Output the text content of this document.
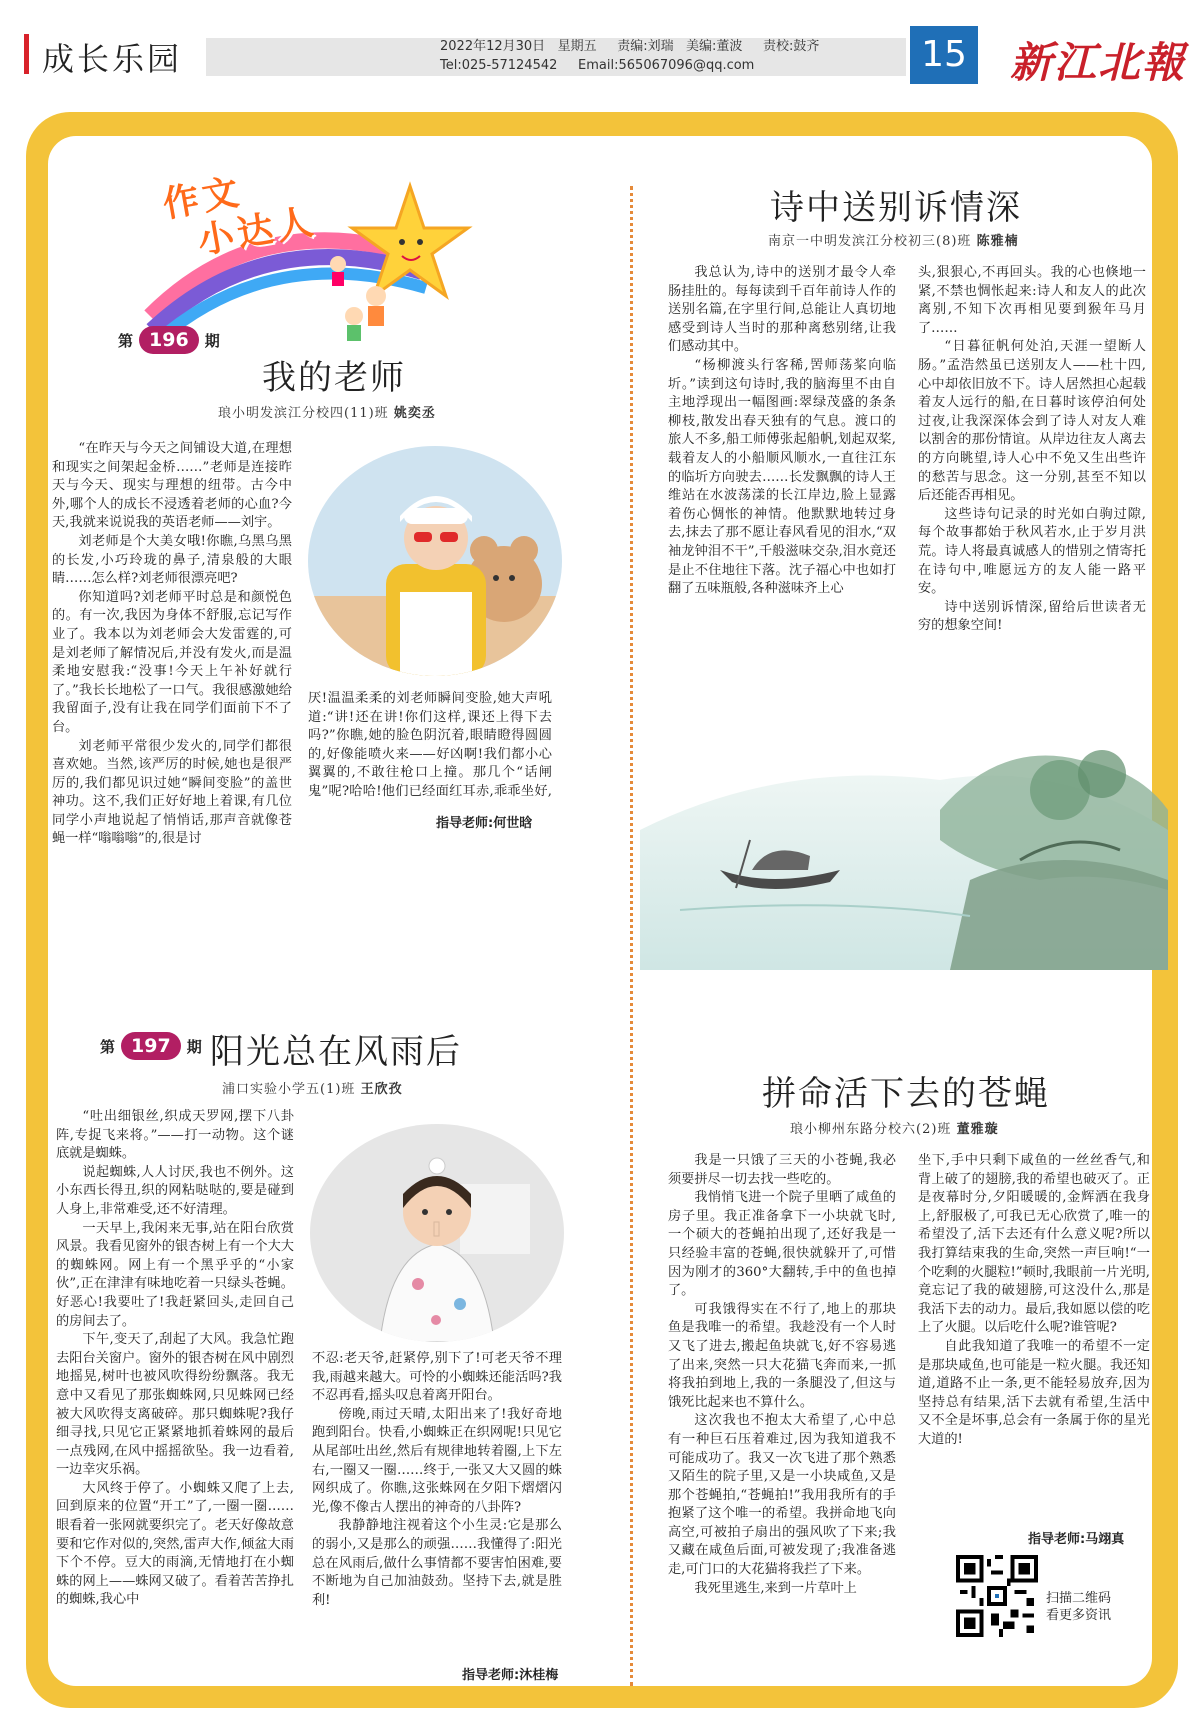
成长乐园	2022年12月30日   星期五     责编:刘瑞   美编:董波     责校:鼓齐
Tel:025-57124542     Email:565067096@qq.com	15 新江北報
作文
小达人
第 196	期
我的老师
琅小明发滨江分校四(11)班 姚奕丞

“在昨天与今天之间铺设大道,在理想和现实之间架起金桥……”老师是连接昨天与今天、现实与理想的纽带。古今中外,哪个人的成长不浸透着老师的心血?今天,我就来说说我的英语老师——刘宇。

刘老师是个大美女哦!你瞧,乌黑乌黑的长发,小巧玲珑的鼻子,清泉般的大眼睛……怎么样?刘老师很漂亮吧?

你知道吗?刘老师平时总是和颜悦色的。有一次,我因为身体不舒服,忘记写作业了。我本以为刘老师会大发雷霆的,可是刘老师了解情况后,并没有发火,而是温柔地安慰我:“没事!今天上午补好就行了。”我长长地松了一口气。我很感激她给我留面子,没有让我在同学们面前下不了台。

刘老师平常很少发火的,同学们都很喜欢她。当然,该严厉的时候,她也是很严厉的,我们都见识过她“瞬间变脸”的盖世神功。这不,我们正好好地上着课,有几位同学小声地说起了悄悄话,那声音就像苍蝇一样“嗡嗡嗡”的,很是讨

厌!温温柔柔的刘老师瞬间变脸,她大声吼道:“讲!还在讲!你们这样,课还上得下去吗?”你瞧,她的脸色阴沉着,眼睛瞪得圆圆的,好像能喷火来——好凶啊!我们都小心翼翼的,不敢往枪口上撞。那几个“话闸鬼”呢?哈哈!他们已经面红耳赤,乖乖坐好,

指导老师:何世晗
第 197	期 阳光总在风雨后
浦口实验小学五(1)班 王欣孜

“吐出细银丝,织成天罗网,摆下八卦阵,专捉飞来将。”——打一动物。这个谜底就是蜘蛛。

说起蜘蛛,人人讨厌,我也不例外。这小东西长得丑,织的网粘哒哒的,要是碰到人身上,非常难受,还不好清理。

一天早上,我闲来无事,站在阳台欣赏风景。我看见窗外的银杏树上有一个大大的蜘蛛网。网上有一个黑乎乎的“小家伙”,正在津津有味地吃着一只绿头苍蝇。好恶心!我要吐了!我赶紧回头,走回自己的房间去了。

下午,变天了,刮起了大风。我急忙跑去阳台关窗户。窗外的银杏树在风中剧烈地摇晃,树叶也被风吹得纷纷飘落。我无意中又看见了那张蜘蛛网,只见蛛网已经被大风吹得支离破碎。那只蜘蛛呢?我仔细寻找,只见它正紧紧地抓着蛛网的最后一点残网,在风中摇摇欲坠。我一边看着,一边幸灾乐祸。

大风终于停了。小蜘蛛又爬了上去,回到原来的位置“开工”了,一圈一圈……眼看着一张网就要织完了。老天好像故意要和它作对似的,突然,雷声大作,倾盆大雨下个不停。豆大的雨滴,无情地打在小蜘蛛的网上——蛛网又破了。看着苦苦挣扎的蜘蛛,我心中

不忍:老天爷,赶紧停,别下了!可老天爷不理我,雨越来越大。可怜的小蜘蛛还能活吗?我不忍再看,摇头叹息着离开阳台。

傍晚,雨过天晴,太阳出来了!我好奇地跑到阳台。快看,小蜘蛛正在织网呢!只见它从尾部吐出丝,然后有规律地转着圈,上下左右,一圈又一圈……终于,一张又大又圆的蛛网织成了。你瞧,这张蛛网在夕阳下熠熠闪光,像不像古人摆出的神奇的八卦阵?

我静静地注视着这个小生灵:它是那么的弱小,又是那么的顽强……我懂得了:阳光总在风雨后,做什么事情都不要害怕困难,要不断地为自己加油鼓劲。坚持下去,就是胜利!

指导老师:沐桂梅
诗中送别诉情深
南京一中明发滨江分校初三(8)班 陈雅楠

我总认为,诗中的送别才最令人牵肠挂肚的。每每读到千百年前诗人作的送别名篇,在字里行间,总能让人真切地感受到诗人当时的那种离愁别绪,让我们感动其中。

“杨柳渡头行客稀,罟师荡桨向临圻。”读到这句诗时,我的脑海里不由自主地浮现出一幅图画:翠绿茂盛的条条柳枝,散发出春天独有的气息。渡口的旅人不多,船工师傅张起船帆,划起双桨,载着友人的小船顺风顺水,一直往江东的临圻方向驶去……长发飘飘的诗人王维站在水波荡漾的长江岸边,脸上显露着伤心惆怅的神情。他默默地转过身去,抹去了那不愿让春风看见的泪水,“双袖龙钟泪不干”,千般滋味交杂,泪水竟还是止不住地往下落。沈子福心中也如打翻了五味瓶般,各种滋味齐上心

头,狠狠心,不再回头。我的心也倏地一紧,不禁也惆怅起来:诗人和友人的此次离别,不知下次再相见要到猴年马月了……

“日暮征帆何处泊,天涯一望断人肠。”孟浩然虽已送别友人——杜十四,心中却依旧放不下。诗人居然担心起载着友人远行的船,在日暮时该停泊何处过夜,让我深深体会到了诗人对友人难以割舍的那份情谊。从岸边往友人离去的方向眺望,诗人心中不免又生出些许的愁苦与思念。这一分别,甚至不知以后还能否再相见。

这些诗句记录的时光如白驹过隙,每个故事都始于秋风若水,止于岁月洪荒。诗人将最真诚感人的惜别之情寄托在诗句中,唯愿远方的友人能一路平安。

诗中送别诉情深,留给后世读者无穷的想象空间!

拼命活下去的苍蝇
琅小柳州东路分校六(2)班 董雅璇

我是一只饿了三天的小苍蝇,我必须要拼尽一切去找一些吃的。

我悄悄飞进一个院子里晒了咸鱼的房子里。我正准备拿下一小块就飞时,一个硕大的苍蝇拍出现了,还好我是一只经验丰富的苍蝇,很快就躲开了,可惜因为刚才的360°大翻转,手中的鱼也掉了。

可我饿得实在不行了,地上的那块鱼是我唯一的希望。我趁没有一个人时又飞了进去,搬起鱼块就飞,好不容易逃了出来,突然一只大花猫飞奔而来,一抓将我拍到地上,我的一条腿没了,但这与饿死比起来也不算什么。

这次我也不抱太大希望了,心中总有一种巨石压着难过,因为我知道我不可能成功了。我又一次飞进了那个熟悉又陌生的院子里,又是一小块咸鱼,又是那个苍蝇拍,“苍蝇拍!”我用我所有的手抱紧了这个唯一的希望。我拼命地飞向高空,可被拍子扇出的强风吹了下来;我又藏在咸鱼后面,可被发现了;我准备逃走,可门口的大花猫将我拦了下来。

我死里逃生,来到一片草叶上

坐下,手中只剩下咸鱼的一丝丝香气,和背上破了的翅膀,我的希望也破灭了。正是夜幕时分,夕阳暖暖的,金辉洒在我身上,舒服极了,可我已无心欣赏了,唯一的希望没了,活下去还有什么意义呢?所以我打算结束我的生命,突然一声巨响!“一个吃剩的火腿粒!”顿时,我眼前一片光明,竟忘记了我的破翅膀,可这没什么,那是我活下去的动力。最后,我如愿以偿的吃上了火腿。以后吃什么呢?谁管呢?

自此我知道了我唯一的希望不一定是那块咸鱼,也可能是一粒火腿。我还知道,道路不止一条,更不能轻易放弃,因为坚持总有结果,活下去就有希望,生活中又不全是坏事,总会有一条属于你的星光大道的!

指导老师:马翊真
扫描二维码
看更多资讯
